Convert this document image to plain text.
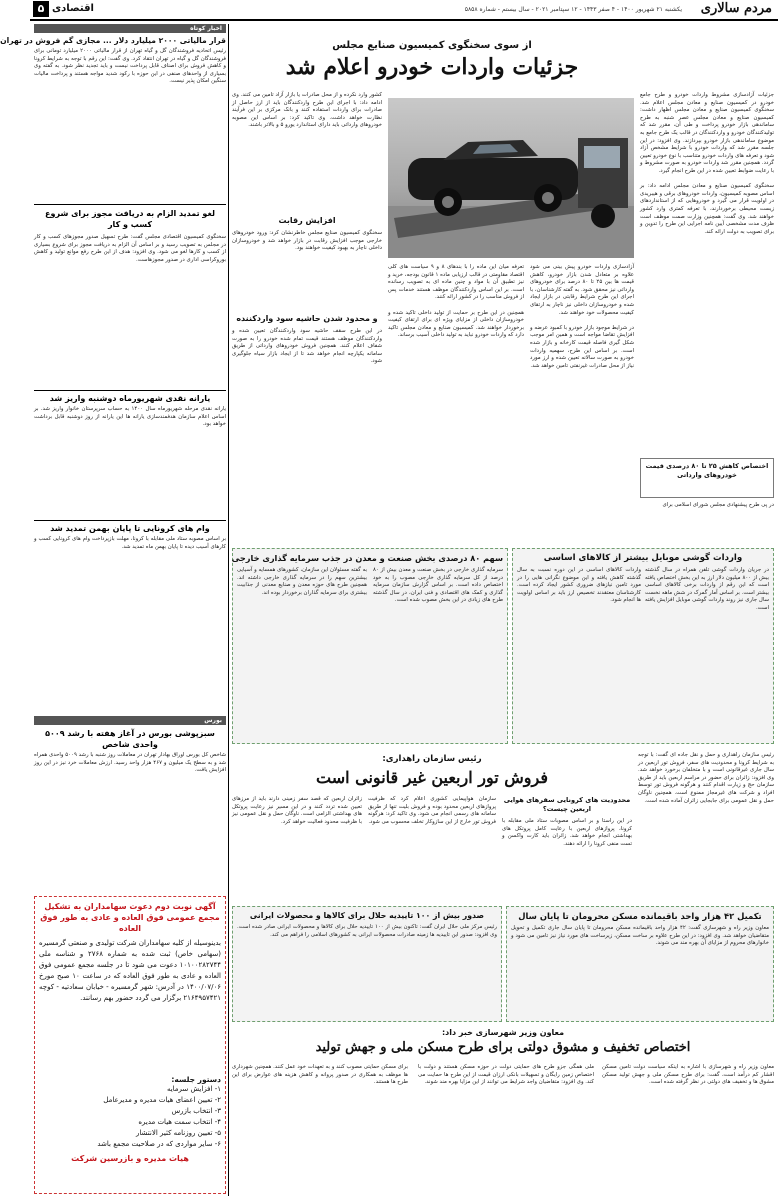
مردم سالاری
یکشنبه ۲۱ شهریور ۱۴۰۰ - ۴ صفر ۱۴۴۳ - ۱۲ سپتامبر ۲۰۲۱ - سال بیستم - شماره ۵۸۵۸
اقتصادی
۵
اخبار کوتاه
قرار مالیاتی ۲۰۰۰ میلیارد دلار ... مجازی گم فروش در تهران
رئیس اتحادیه فروشندگان گل و گیاه تهران از قرار مالیاتی ۲۰۰۰ میلیارد تومانی برای فروشندگان گل و گیاه در تهران انتقاد کرد. وی گفت: این رقم با توجه به شرایط کرونا و کاهش فروش برای اصناف قابل پرداخت نیست و باید تجدید نظر شود. به گفته وی بسیاری از واحدهای صنفی در این حوزه با رکود شدید مواجه هستند و پرداخت مالیات سنگین امکان پذیر نیست.
لغو تمدید الزام به دریافت مجوز برای شروع کسب و کار
سخنگوی کمیسیون اقتصادی مجلس گفت: طرح تسهیل صدور مجوزهای کسب و کار در مجلس به تصویب رسید و بر اساس آن الزام به دریافت مجوز برای شروع بسیاری از کسب و کارها لغو می شود. وی افزود: هدف از این طرح رفع موانع تولید و کاهش بوروکراسی اداری در صدور مجوزهاست.
یارانه نقدی شهریورماه دوشنبه واریز شد
یارانه نقدی مرحله شهریورماه سال ۱۴۰۰ به حساب سرپرستان خانوار واریز شد. بر اساس اعلام سازمان هدفمندسازی یارانه ها این یارانه از روز دوشنبه قابل برداشت خواهد بود.
وام های کرونایی تا پایان بهمن تمدید شد
بر اساس مصوبه ستاد ملی مقابله با کرونا، مهلت بازپرداخت وام های کرونایی کسب و کارهای آسیب دیده تا پایان بهمن ماه تمدید شد.
بورس
سبزپوشی بورس در آغاز هفته با رشد ۵۰۰۹ واحدی شاخص
شاخص کل بورس اوراق بهادار تهران در معاملات روز شنبه با رشد ۵۰۰۹ واحدی همراه شد و به سطح یک میلیون و ۴۶۷ هزار واحد رسید. ارزش معاملات خرد نیز در این روز افزایش یافت.
آگهی نوبت دوم دعوت سهامداران به تشکیل مجمع عمومی فوق العاده و عادی به طور فوق العاده
بدینوسیله از کلیه سهامداران شرکت تولیدی و صنعتی گرمسیره (سهامی خاص) ثبت شده به شماره ۲۷۶۸ و شناسه ملی ۱۰۱۰۰۲۸۲۷۴۴ دعوت می شود تا در جلسه مجمع عمومی فوق العاده و عادی به طور فوق العاده که در ساعت ۱۰ صبح مورخ ۱۴۰۰/۰۷/۰۶ در آدرس: شهر گرمسیره - خیابان سعادتیه - کوچه ۲۱۶۴۹۵۷۴۲۱ برگزار می گردد حضور بهم رسانند.
دستور جلسه:
۱- افزایش سرمایه
۲- تعیین اعضای هیات مدیره و مدیرعامل
۳- انتخاب بازرس
۴- انتخاب سمت هیات مدیره
۵- تعیین روزنامه کثیر الانتشار
۶- سایر مواردی که در صلاحیت مجمع باشد
هیات مدیره و بازرسین شرکت
از سوی سخنگوی کمیسیون صنایع مجلس
جزئیات واردات خودرو اعلام شد
جزئیات آزادسازی مشروط واردات خودرو و طرح جامع خودرو در کمیسیون صنایع و معادن مجلس اعلام شد. سخنگوی کمیسیون صنایع و معادن مجلس اظهار داشت: کمیسیون صنایع و معادن مجلس عصر شنبه به طرح ساماندهی بازار خودرو پرداخت و طی آن، مقرر شد که تولیدکنندگان خودرو و واردکنندگان در قالب یک طرح جامع به موضوع ساماندهی بازار خودرو بپردازند. وی افزود: در این جلسه مقرر شد که واردات خودرو با شرایط مشخص آزاد شود و تعرفه های واردات خودرو متناسب با نوع خودرو تعیین گردد. همچنین مقرر شد واردات خودرو به صورت مشروط و با رعایت ضوابط تعیین شده در این طرح انجام گیرد.

سخنگوی کمیسیون صنایع و معادن مجلس ادامه داد: بر اساس مصوبه کمیسیون، واردات خودروهای برقی و هیبریدی در اولویت قرار می گیرد و خودروهایی که از استانداردهای زیست محیطی برخوردارند، با تعرفه کمتری وارد کشور خواهند شد. وی گفت: همچنین وزارت صمت موظف است ظرف مدت مشخصی آیین نامه اجرایی این طرح را تدوین و برای تصویب به دولت ارائه کند.
اختصاص کاهش ۲۵ تا ۸۰ درصدی قیمت خودروهای وارداتی
در پی طرح پیشنهادی مجلس شورای اسلامی برای
آزادسازی واردات خودرو پیش بینی می شود علاوه بر متعادل شدن بازار خودرو، کاهش قیمت ها بین ۲۵ تا ۸۰ درصد برای خودروهای وارداتی نیز محقق شود. به گفته کارشناسان، با اجرای این طرح شرایط رقابتی در بازار ایجاد شده و خودروسازان داخلی نیز ناچار به ارتقای کیفیت محصولات خود خواهند شد.

در شرایط موجود بازار خودرو با کمبود عرضه و افزایش تقاضا مواجه است و همین امر موجب شکل گیری فاصله قیمت کارخانه و بازار شده است. بر اساس این طرح، سهمیه واردات خودرو به صورت سالانه تعیین شده و ارز مورد نیاز از محل صادرات غیرنفتی تامین خواهد شد.
تعرفه میان این ماده را با بندهای ۸ و ۹ سیاست های کلی اقتصاد مقاومتی در قالب ارزیابی ماده ۱ قانون بودجه، خرید و نیز تطبیق آن با مواد و چنین ماده ای به تصویب رسانده است. بر این اساس واردکنندگان موظف هستند خدمات پس از فروش مناسب را در کشور ارائه کنند.

همچنین در این طرح بر حمایت از تولید داخلی تاکید شده و خودروسازان داخلی از مزایای ویژه ای برای ارتقای کیفیت برخوردار خواهند شد. کمیسیون صنایع و معادن مجلس تاکید دارد که واردات خودرو نباید به تولید داخلی آسیب برساند.
کشور وارد نکرده و از محل صادرات یا بازار آزاد تامین می کنند. وی ادامه داد: با اجرای این طرح واردکنندگان باید از ارز حاصل از صادرات برای واردات استفاده کنند و بانک مرکزی بر این فرآیند نظارت خواهد داشت. وی تاکید کرد: بر اساس این مصوبه خودروهای وارداتی باید دارای استاندارد یورو ۵ و بالاتر باشند.
افزایش رقابت
سخنگوی کمیسیون صنایع مجلس خاطرنشان کرد: ورود خودروهای خارجی موجب افزایش رقابت در بازار خواهد شد و خودروسازان داخلی ناچار به بهبود کیفیت خواهند بود.
و محدود شدن حاشیه سود واردکننده
در این طرح سقف حاشیه سود واردکنندگان تعیین شده و واردکنندگان موظف هستند قیمت تمام شده خودرو را به صورت شفاف اعلام کنند. همچنین فروش خودروهای وارداتی از طریق سامانه یکپارچه انجام خواهد شد تا از ایجاد بازار سیاه جلوگیری شود.
واردات گوشی موبایل بیشتر از کالاهای اساسی
در جریان واردات گوشی تلفن همراه در سال گذشته بیش از ۸۰۰ میلیون دلار ارز به این بخش اختصاص یافته است که این رقم از واردات برخی کالاهای اساسی بیشتر است. بر اساس آمار گمرک در شش ماهه نخست سال جاری نیز روند واردات گوشی موبایل افزایش یافته است.
واردات کالاهای اساسی در این دوره نسبت به سال گذشته کاهش یافته و این موضوع نگرانی هایی را در مورد تامین نیازهای ضروری کشور ایجاد کرده است. کارشناسان معتقدند تخصیص ارز باید بر اساس اولویت ها انجام شود.
سهم ۸۰ درصدی بخش صنعت و معدن در جذب سرمایه گذاری خارجی
سرمایه گذاری خارجی در بخش صنعت و معدن بیش از ۸۰ درصد از کل سرمایه گذاری خارجی مصوب را به خود اختصاص داده است. بر اساس گزارش سازمان سرمایه گذاری و کمک های اقتصادی و فنی ایران، در سال گذشته طرح های زیادی در این بخش مصوب شده است.
به گفته مسئولان این سازمان، کشورهای همسایه و آسیایی بیشترین سهم را در سرمایه گذاری خارجی داشته اند. همچنین طرح های حوزه معدن و صنایع معدنی از جذابیت بیشتری برای سرمایه گذاران برخوردار بوده اند.
رئیس سازمان راهداری و حمل و نقل جاده ای گفت: با توجه به شرایط کرونا و محدودیت های سفر، فروش تور اربعین در سال جاری غیرقانونی است و با متخلفان برخورد خواهد شد. وی افزود: زائران برای حضور در مراسم اربعین باید از طریق سازمان حج و زیارت اقدام کنند و هرگونه فروش تور توسط افراد و شرکت های غیرمجاز ممنوع است. همچنین ناوگان حمل و نقل عمومی برای جابجایی زائران آماده شده است.
رئیس سازمان راهداری:
فروش تور اربعین غیر قانونی است
محدودیت های کرونایی سفرهای هوایی اربعین چیست؟
در این راستا و بر اساس مصوبات ستاد ملی مقابله با کرونا، پروازهای اربعین با رعایت کامل پروتکل های بهداشتی انجام خواهد شد. زائران باید کارت واکسن و تست منفی کرونا را ارائه دهند.
سازمان هواپیمایی کشوری اعلام کرد که ظرفیت پروازهای اربعین محدود بوده و فروش بلیت تنها از طریق سامانه های رسمی انجام می شود. وی تاکید کرد: هرگونه فروش تور خارج از این سازوکار تخلف محسوب می شود.
زائران اربعین که قصد سفر زمینی دارند باید از مرزهای تعیین شده تردد کنند و در این مسیر نیز رعایت پروتکل های بهداشتی الزامی است. ناوگان حمل و نقل عمومی نیز با ظرفیت محدود فعالیت خواهد کرد.
تکمیل ۴۲ هزار واحد باقیمانده مسکن محرومان تا پایان سال
معاون وزیر راه و شهرسازی گفت: ۴۲ هزار واحد باقیمانده مسکن محرومان تا پایان سال جاری تکمیل و تحویل متقاضیان خواهد شد. وی افزود: در این طرح علاوه بر ساخت مسکن، زیرساخت های مورد نیاز نیز تامین می شود و خانوارهای محروم از مزایای آن بهره مند می شوند.
صدور بیش از ۱۰۰ تاییدیه حلال برای کالاها و محصولات ایرانی
رئیس مرکز ملی حلال ایران گفت: تاکنون بیش از ۱۰۰ تاییدیه حلال برای کالاها و محصولات ایرانی صادر شده است. وی افزود: صدور این تاییدیه ها زمینه صادرات محصولات ایرانی به کشورهای اسلامی را فراهم می کند.
معاون وزیر شهرسازی خبر داد:
اختصاص تخفیف و مشوق دولتی برای طرح مسکن ملی و جهش تولید
معاون وزیر راه و شهرسازی با اشاره به اینکه سیاست دولت تامین مسکن اقشار کم درآمد است، گفت: برای طرح مسکن ملی و جهش تولید مسکن مشوق ها و تخفیف های دولتی در نظر گرفته شده است.
ملی همگی جزو طرح های حمایتی دولت در حوزه مسکن هستند و دولت با اختصاص زمین رایگان و تسهیلات بانکی ارزان قیمت از این طرح ها حمایت می کند. وی افزود: متقاضیان واجد شرایط می توانند از این مزایا بهره مند شوند.
برای مسکن حمایتی مصوب کنند و به تعهدات خود عمل کنند. همچنین شهرداری ها موظف به همکاری در صدور پروانه و کاهش هزینه های عوارض برای این طرح ها هستند.
